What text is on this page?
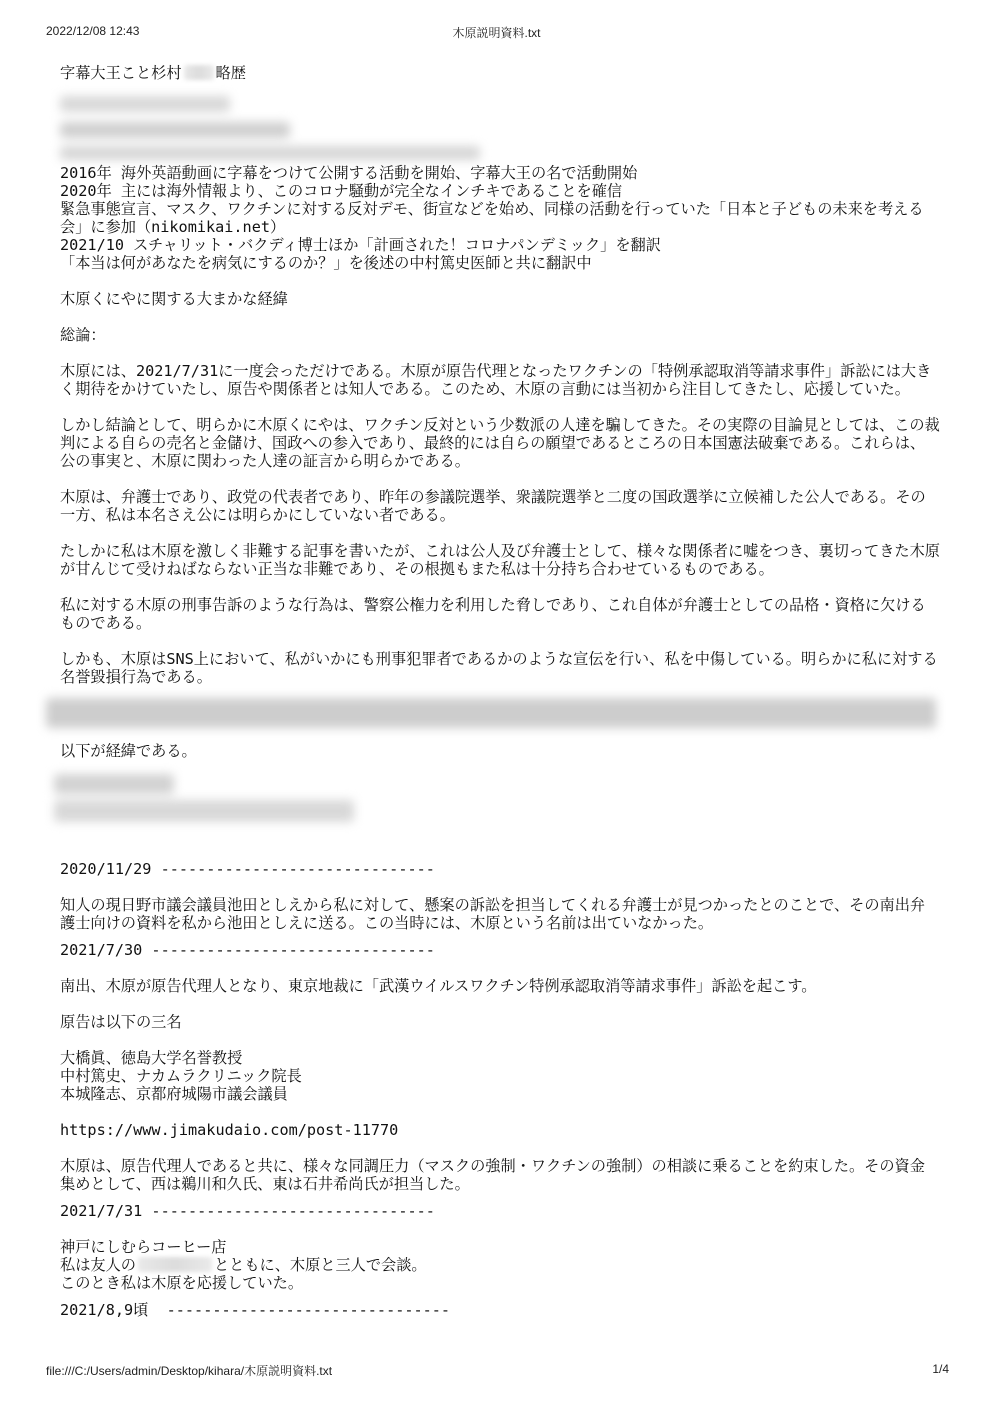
2022/12/08 12:43	木原説明資料.txt

字幕大王こと杉村 略歴

2016年 海外英語動画に字幕をつけて公開する活動を開始、字幕大王の名で活動開始

2020年 主には海外情報より、このコロナ騒動が完全なインチキであることを確信

緊急事態宣言、マスク、ワクチンに対する反対デモ、街宣などを始め、同様の活動を行っていた「日本と子どもの未来を考える会」に参加（nikomikai.net）

2021/10 スチャリット・バクディ博士ほか「計画された！コロナパンデミック」を翻訳

「本当は何があなたを病気にするのか？」を後述の中村篤史医師と共に翻訳中

木原くにやに関する大まかな経緯

総論：

木原には、2021/7/31に一度会っただけである。木原が原告代理となったワクチンの「特例承認取消等請求事件」訴訟には大きく期待をかけていたし、原告や関係者とは知人である。このため、木原の言動には当初から注目してきたし、応援していた。

しかし結論として、明らかに木原くにやは、ワクチン反対という少数派の人達を騙してきた。その実際の目論見としては、この裁判による自らの売名と金儲け、国政への参入であり、最終的には自らの願望であるところの日本国憲法破棄である。これらは、公の事実と、木原に関わった人達の証言から明らかである。

木原は、弁護士であり、政党の代表者であり、昨年の参議院選挙、衆議院選挙と二度の国政選挙に立候補した公人である。その一方、私は本名さえ公には明らかにしていない者である。

たしかに私は木原を激しく非難する記事を書いたが、これは公人及び弁護士として、様々な関係者に嘘をつき、裏切ってきた木原が甘んじて受けねばならない正当な非難であり、その根拠もまた私は十分持ち合わせているものである。

私に対する木原の刑事告訴のような行為は、警察公権力を利用した脅しであり、これ自体が弁護士としての品格・資格に欠けるものである。

しかも、木原はSNS上において、私がいかにも刑事犯罪者であるかのような宣伝を行い、私を中傷している。明らかに私に対する名誉毀損行為である。

以下が経緯である。

2020/11/29 ------------------------------

知人の現日野市議会議員池田としえから私に対して、懸案の訴訟を担当してくれる弁護士が見つかったとのことで、その南出弁護士向けの資料を私から池田としえに送る。この当時には、木原という名前は出ていなかった。

2021/7/30 -------------------------------

南出、木原が原告代理人となり、東京地裁に「武漢ウイルスワクチン特例承認取消等請求事件」訴訟を起こす。

原告は以下の三名

大橋眞、徳島大学名誉教授
中村篤史、ナカムラクリニック院長
本城隆志、京都府城陽市議会議員

https://www.jimakudaio.com/post-11770

木原は、原告代理人であると共に、様々な同調圧力（マスクの強制・ワクチンの強制）の相談に乗ることを約束した。その資金集めとして、西は鵜川和久氏、東は石井希尚氏が担当した。

2021/7/31 -------------------------------

神戸にしむらコーヒー店

私は友人の	とともに、木原と三人で会談。

このとき私は木原を応援していた。

2021/8,9頃  -------------------------------

file:///C:/Users/admin/Desktop/kihara/木原説明資料.txt	1/4
